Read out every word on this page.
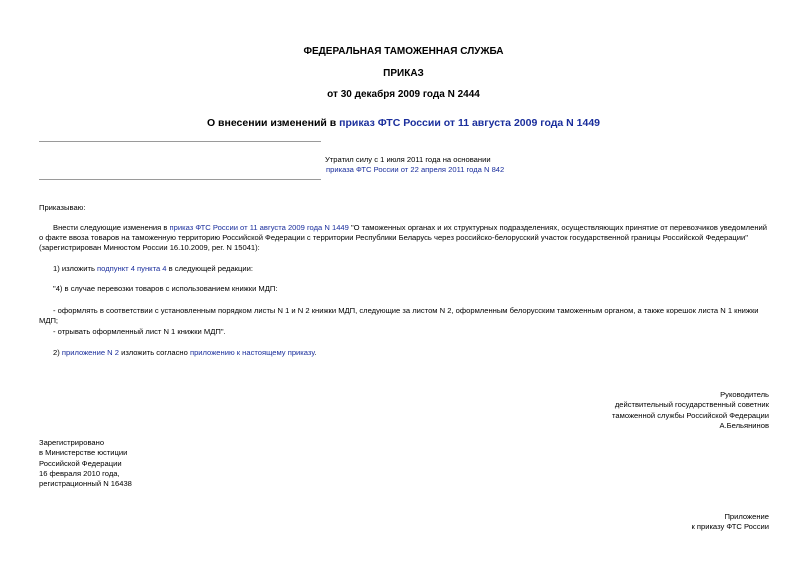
ФЕДЕРАЛЬНАЯ ТАМОЖЕННАЯ СЛУЖБА
ПРИКАЗ
от 30 декабря 2009 года N 2444
О внесении изменений в приказ ФТС России от 11 августа 2009 года N 1449
Утратил силу с 1 июля 2011 года на основании
приказа ФТС России от 22 апреля 2011 года N 842
Приказываю:
Внести следующие изменения в приказ ФТС России от 11 августа 2009 года N 1449 "О таможенных органах и их структурных подразделениях, осуществляющих принятие от перевозчиков уведомлений о факте ввоза товаров на таможенную территорию Российской Федерации с территории Республики Беларусь через российско-белорусский участок государственной границы Российской Федерации" (зарегистрирован Минюстом России 16.10.2009, рег. N 15041):
1) изложить подпункт 4 пункта 4 в следующей редакции:
"4) в случае перевозки товаров с использованием книжки МДП:
- оформлять в соответствии с установленным порядком листы N 1 и N 2 книжки МДП, следующие за листом N 2, оформленным белорусским таможенным органом, а также корешок листа N 1 книжки МДП;
- отрывать оформленный лист N 1 книжки МДП".
2) приложение N 2 изложить согласно приложению к настоящему приказу.
Руководитель
действительный государственный советник
таможенной службы Российской Федерации
А.Бельянинов
Зарегистрировано
в Министерстве юстиции
Российской Федерации
16 февраля 2010 года,
регистрационный N 16438
Приложение
к приказу ФТС России
